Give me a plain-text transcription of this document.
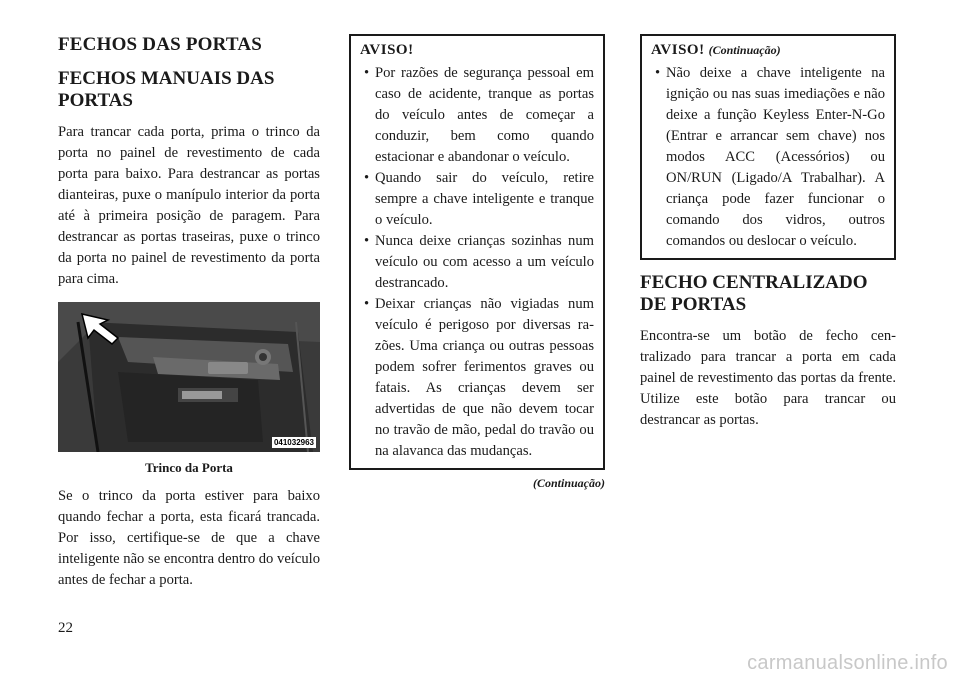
FECHOS DAS PORTAS
FECHOS MANUAIS DAS PORTAS

Para trancar cada porta, prima o trinco da porta no painel de revestimento de cada porta para baixo. Para destrancar as portas dianteiras, puxe o manípulo interior da porta até à primeira posição de paragem. Para destrancar as portas traseiras, puxe o trinco da porta no painel de revestimento da porta para cima.

041032963
Trinco da Porta

Se o trinco da porta estiver para baixo quando fechar a porta, esta ficará trancada. Por isso, certifique-se de que a chave inteligente não se encontra dentro do veículo antes de fechar a porta.

AVISO!
• Por razões de segurança pessoal em caso de acidente, tranque as portas do veículo antes de começar a conduzir, bem como quando estacionar e abandonar o veículo.
• Quando sair do veículo, retire sempre a chave inteligente e tranque o veículo.
• Nunca deixe crianças sozinhas num veículo ou com acesso a um veículo destrancado.
• Deixar crianças não vigiadas num veículo é perigoso por diversas razões. Uma criança ou outras pessoas podem sofrer ferimentos graves ou fatais. As crianças devem ser advertidas de que não devem tocar no travão de mão, pedal do travão ou na alavanca das mudanças.
(Continuação)
AVISO! (Continuação)
• Não deixe a chave inteligente na ignição ou nas suas imediações e não deixe a função Keyless Enter-N-Go (Entrar e arrancar sem chave) nos modos ACC (Acessórios) ou ON/RUN (Ligado/A Trabalhar). A criança pode fazer funcionar o comando dos vidros, outros comandos ou deslocar o veículo.
FECHO CENTRALIZADO DE PORTAS

Encontra-se um botão de fecho centralizado para trancar a porta em cada painel de revestimento das portas da frente. Utilize este botão para trancar ou destrancar as portas.

22
carmanualsonline.info
